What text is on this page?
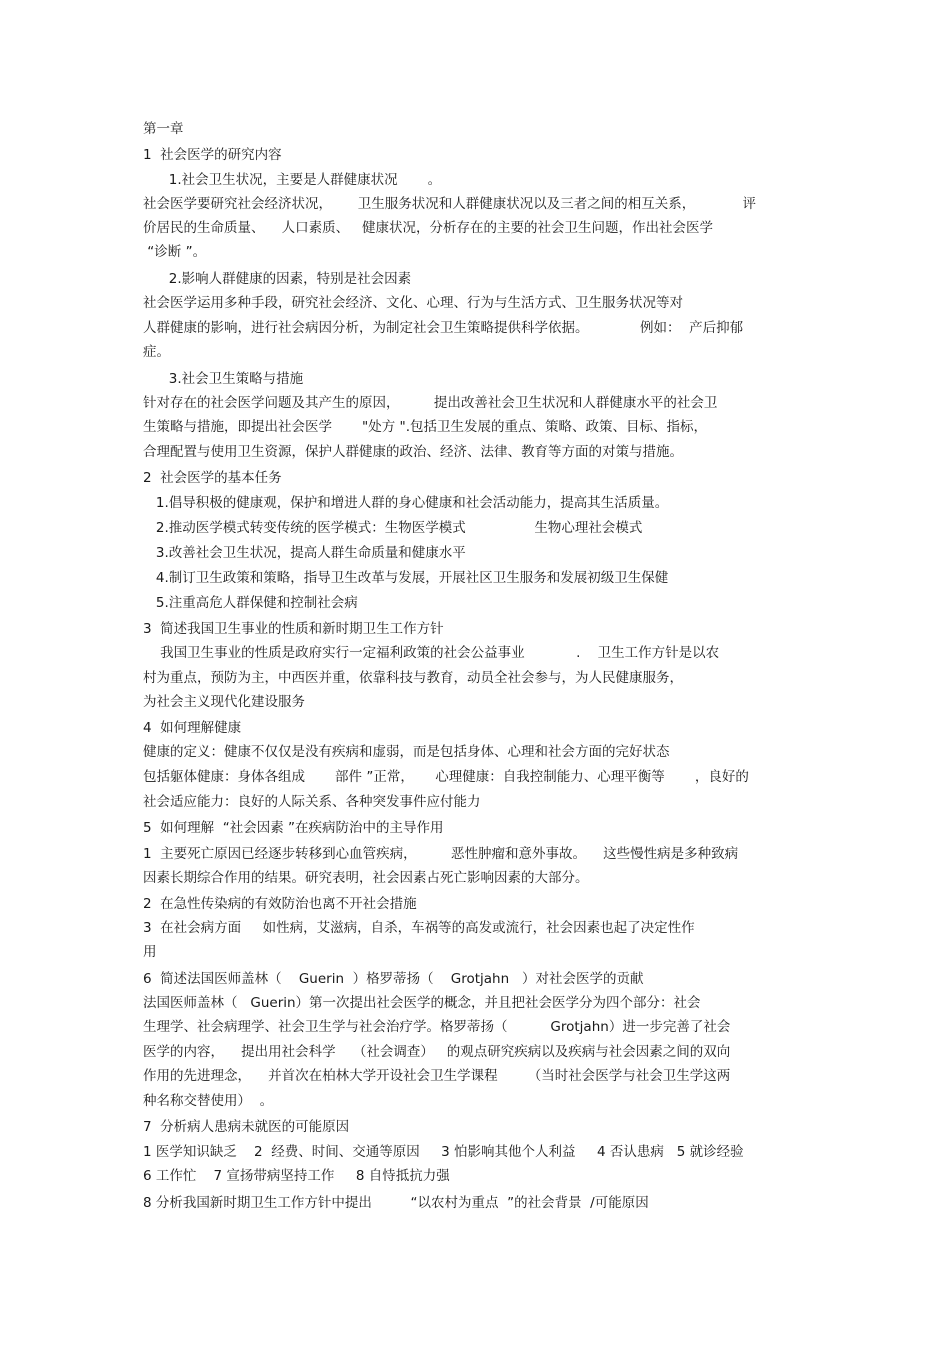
第一章
1  社会医学的研究内容
1.社会卫生状况，主要是人群健康状况       。
社会医学要研究社会经济状况，      卫生服务状况和人群健康状况以及三者之间的相互关系，           评
价居民的生命质量、    人口素质、   健康状况，分析存在的主要的社会卫生问题，作出社会医学
“诊断 ”。
2.影响人群健康的因素，特别是社会因素
社会医学运用多种手段，研究社会经济、文化、心理、行为与生活方式、卫生服务状况等对
人群健康的影响，进行社会病因分析，为制定社会卫生策略提供科学依据。            例如：  产后抑郁
症。
3.社会卫生策略与措施
针对存在的社会医学问题及其产生的原因，        提出改善社会卫生状况和人群健康水平的社会卫
生策略与措施，即提出社会医学       "处方 ".包括卫生发展的重点、策略、政策、目标、指标，
合理配置与使用卫生资源，保护人群健康的政治、经济、法律、教育等方面的对策与措施。
2  社会医学的基本任务
1.倡导积极的健康观，保护和增进人群的身心健康和社会活动能力，提高其生活质量。
2.推动医学模式转变传统的医学模式：生物医学模式                生物心理社会模式
3.改善社会卫生状况，提高人群生命质量和健康水平
4.制订卫生政策和策略，指导卫生改革与发展，开展社区卫生服务和发展初级卫生保健
5.注重高危人群保健和控制社会病
3  简述我国卫生事业的性质和新时期卫生工作方针
我国卫生事业的性质是政府实行一定福利政策的社会公益事业            .    卫生工作方针是以农
村为重点，预防为主，中西医并重，依靠科技与教育，动员全社会参与，为人民健康服务，
为社会主义现代化建设服务
4  如何理解健康
健康的定义：健康不仅仅是没有疾病和虚弱，而是包括身体、心理和社会方面的完好状态
包括躯体健康：身体各组成       部件 ”正常，     心理健康：自我控制能力、心理平衡等       ，良好的
社会适应能力：良好的人际关系、各种突发事件应付能力
5  如何理解  “社会因素 ”在疾病防治中的主导作用
1  主要死亡原因已经逐步转移到心血管疾病，        恶性肿瘤和意外事故。    这些慢性病是多种致病
因素长期综合作用的结果。研究表明，社会因素占死亡影响因素的大部分。
2  在急性传染病的有效防治也离不开社会措施
3  在社会病方面     如性病，艾滋病，自杀，车祸等的高发或流行，社会因素也起了决定性作
用
6  简述法国医师盖林（    Guerin  ）格罗蒂扬（    Grotjahn   ）对社会医学的贡献
法国医师盖林（   Guerin）第一次提出社会医学的概念，并且把社会医学分为四个部分：社会
生理学、社会病理学、社会卫生学与社会治疗学。格罗蒂扬（          Grotjahn）进一步完善了社会
医学的内容，    提出用社会科学    （社会调查）   的观点研究疾病以及疾病与社会因素之间的双向
作用的先进理念，    并首次在柏林大学开设社会卫生学课程       （当时社会医学与社会卫生学这两
种名称交替使用）  。
7  分析病人患病未就医的可能原因
1 医学知识缺乏    2  经费、时间、交通等原因     3 怕影响其他个人利益     4 否认患病   5 就诊经验
6 工作忙    7 宣扬带病坚持工作     8 自恃抵抗力强
8 分析我国新时期卫生工作方针中提出         “以农村为重点  ”的社会背景  /可能原因
